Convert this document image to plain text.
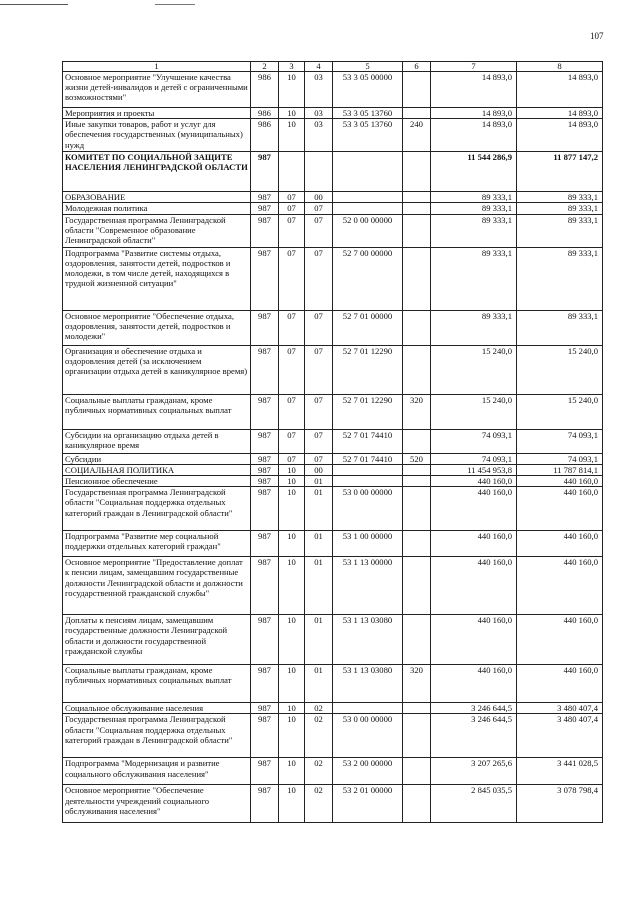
107
1	2	3	4	5	6	7	8
Основное мероприятие "Улучшение качества жизни детей-инвалидов и детей с ограниченными возможностями"	986	10	03	53 3 05 00000		14 893,0	14 893,0
Мероприятия и проекты	986	10	03	53 3 05 13760		14 893,0	14 893,0
Иные закупки товаров, работ и услуг для обеспечения государственных (муниципальных) нужд	986	10	03	53 3 05 13760	240	14 893,0	14 893,0
КОМИТЕТ ПО СОЦИАЛЬНОЙ ЗАЩИТЕ НАСЕЛЕНИЯ ЛЕНИНГРАДСКОЙ ОБЛАСТИ	987					11 544 286,9	11 877 147,2
ОБРАЗОВАНИЕ	987	07	00			89 333,1	89 333,1
Молодежная политика	987	07	07			89 333,1	89 333,1
Государственная программа Ленинградской области "Современное образование Ленинградской области"	987	07	07	52 0 00 00000		89 333,1	89 333,1
Подпрограмма "Развитие системы отдыха, оздоровления, занятости детей, подростков и молодежи, в том числе детей, находящихся в трудной жизненной ситуации"	987	07	07	52 7 00 00000		89 333,1	89 333,1
Основное мероприятие "Обеспечение отдыха, оздоровления, занятости детей, подростков и молодежи"	987	07	07	52 7 01 00000		89 333,1	89 333,1
Организация и обеспечение отдыха и оздоровления детей (за исключением организации отдыха детей в каникулярное время)	987	07	07	52 7 01 12290		15 240,0	15 240,0
Социальные выплаты гражданам, кроме публичных нормативных социальных выплат	987	07	07	52 7 01 12290	320	15 240,0	15 240,0
Субсидии на организацию отдыха детей в каникулярное время	987	07	07	52 7 01 74410		74 093,1	74 093,1
Субсидии	987	07	07	52 7 01 74410	520	74 093,1	74 093,1
СОЦИАЛЬНАЯ ПОЛИТИКА	987	10	00			11 454 953,8	11 787 814,1
Пенсионное обеспечение	987	10	01			440 160,0	440 160,0
Государственная программа Ленинградской области "Социальная поддержка отдельных категорий граждан в Ленинградской области"	987	10	01	53 0 00 00000		440 160,0	440 160,0
Подпрограмма "Развитие мер социальной поддержки отдельных категорий граждан"	987	10	01	53 1 00 00000		440 160,0	440 160,0
Основное мероприятие "Предоставление доплат к пенсии лицам, замещавшим государственные должности Ленинградской области и должности государственной гражданской службы"	987	10	01	53 1 13 00000		440 160,0	440 160,0
Доплаты к пенсиям лицам, замещавшим государственные должности Ленинградской области и должности государственной гражданской службы	987	10	01	53 1 13 03080		440 160,0	440 160,0
Социальные выплаты гражданам, кроме публичных нормативных социальных выплат	987	10	01	53 1 13 03080	320	440 160,0	440 160,0
Социальное обслуживание населения	987	10	02			3 246 644,5	3 480 407,4
Государственная программа Ленинградской области "Социальная поддержка отдельных категорий граждан в Ленинградской области"	987	10	02	53 0 00 00000		3 246 644,5	3 480 407,4
Подпрограмма "Модернизация и развитие социального обслуживания населения"	987	10	02	53 2 00 00000		3 207 265,6	3 441 028,5
Основное мероприятие "Обеспечение деятельности учреждений социального обслуживания населения"	987	10	02	53 2 01 00000		2 845 035,5	3 078 798,4
